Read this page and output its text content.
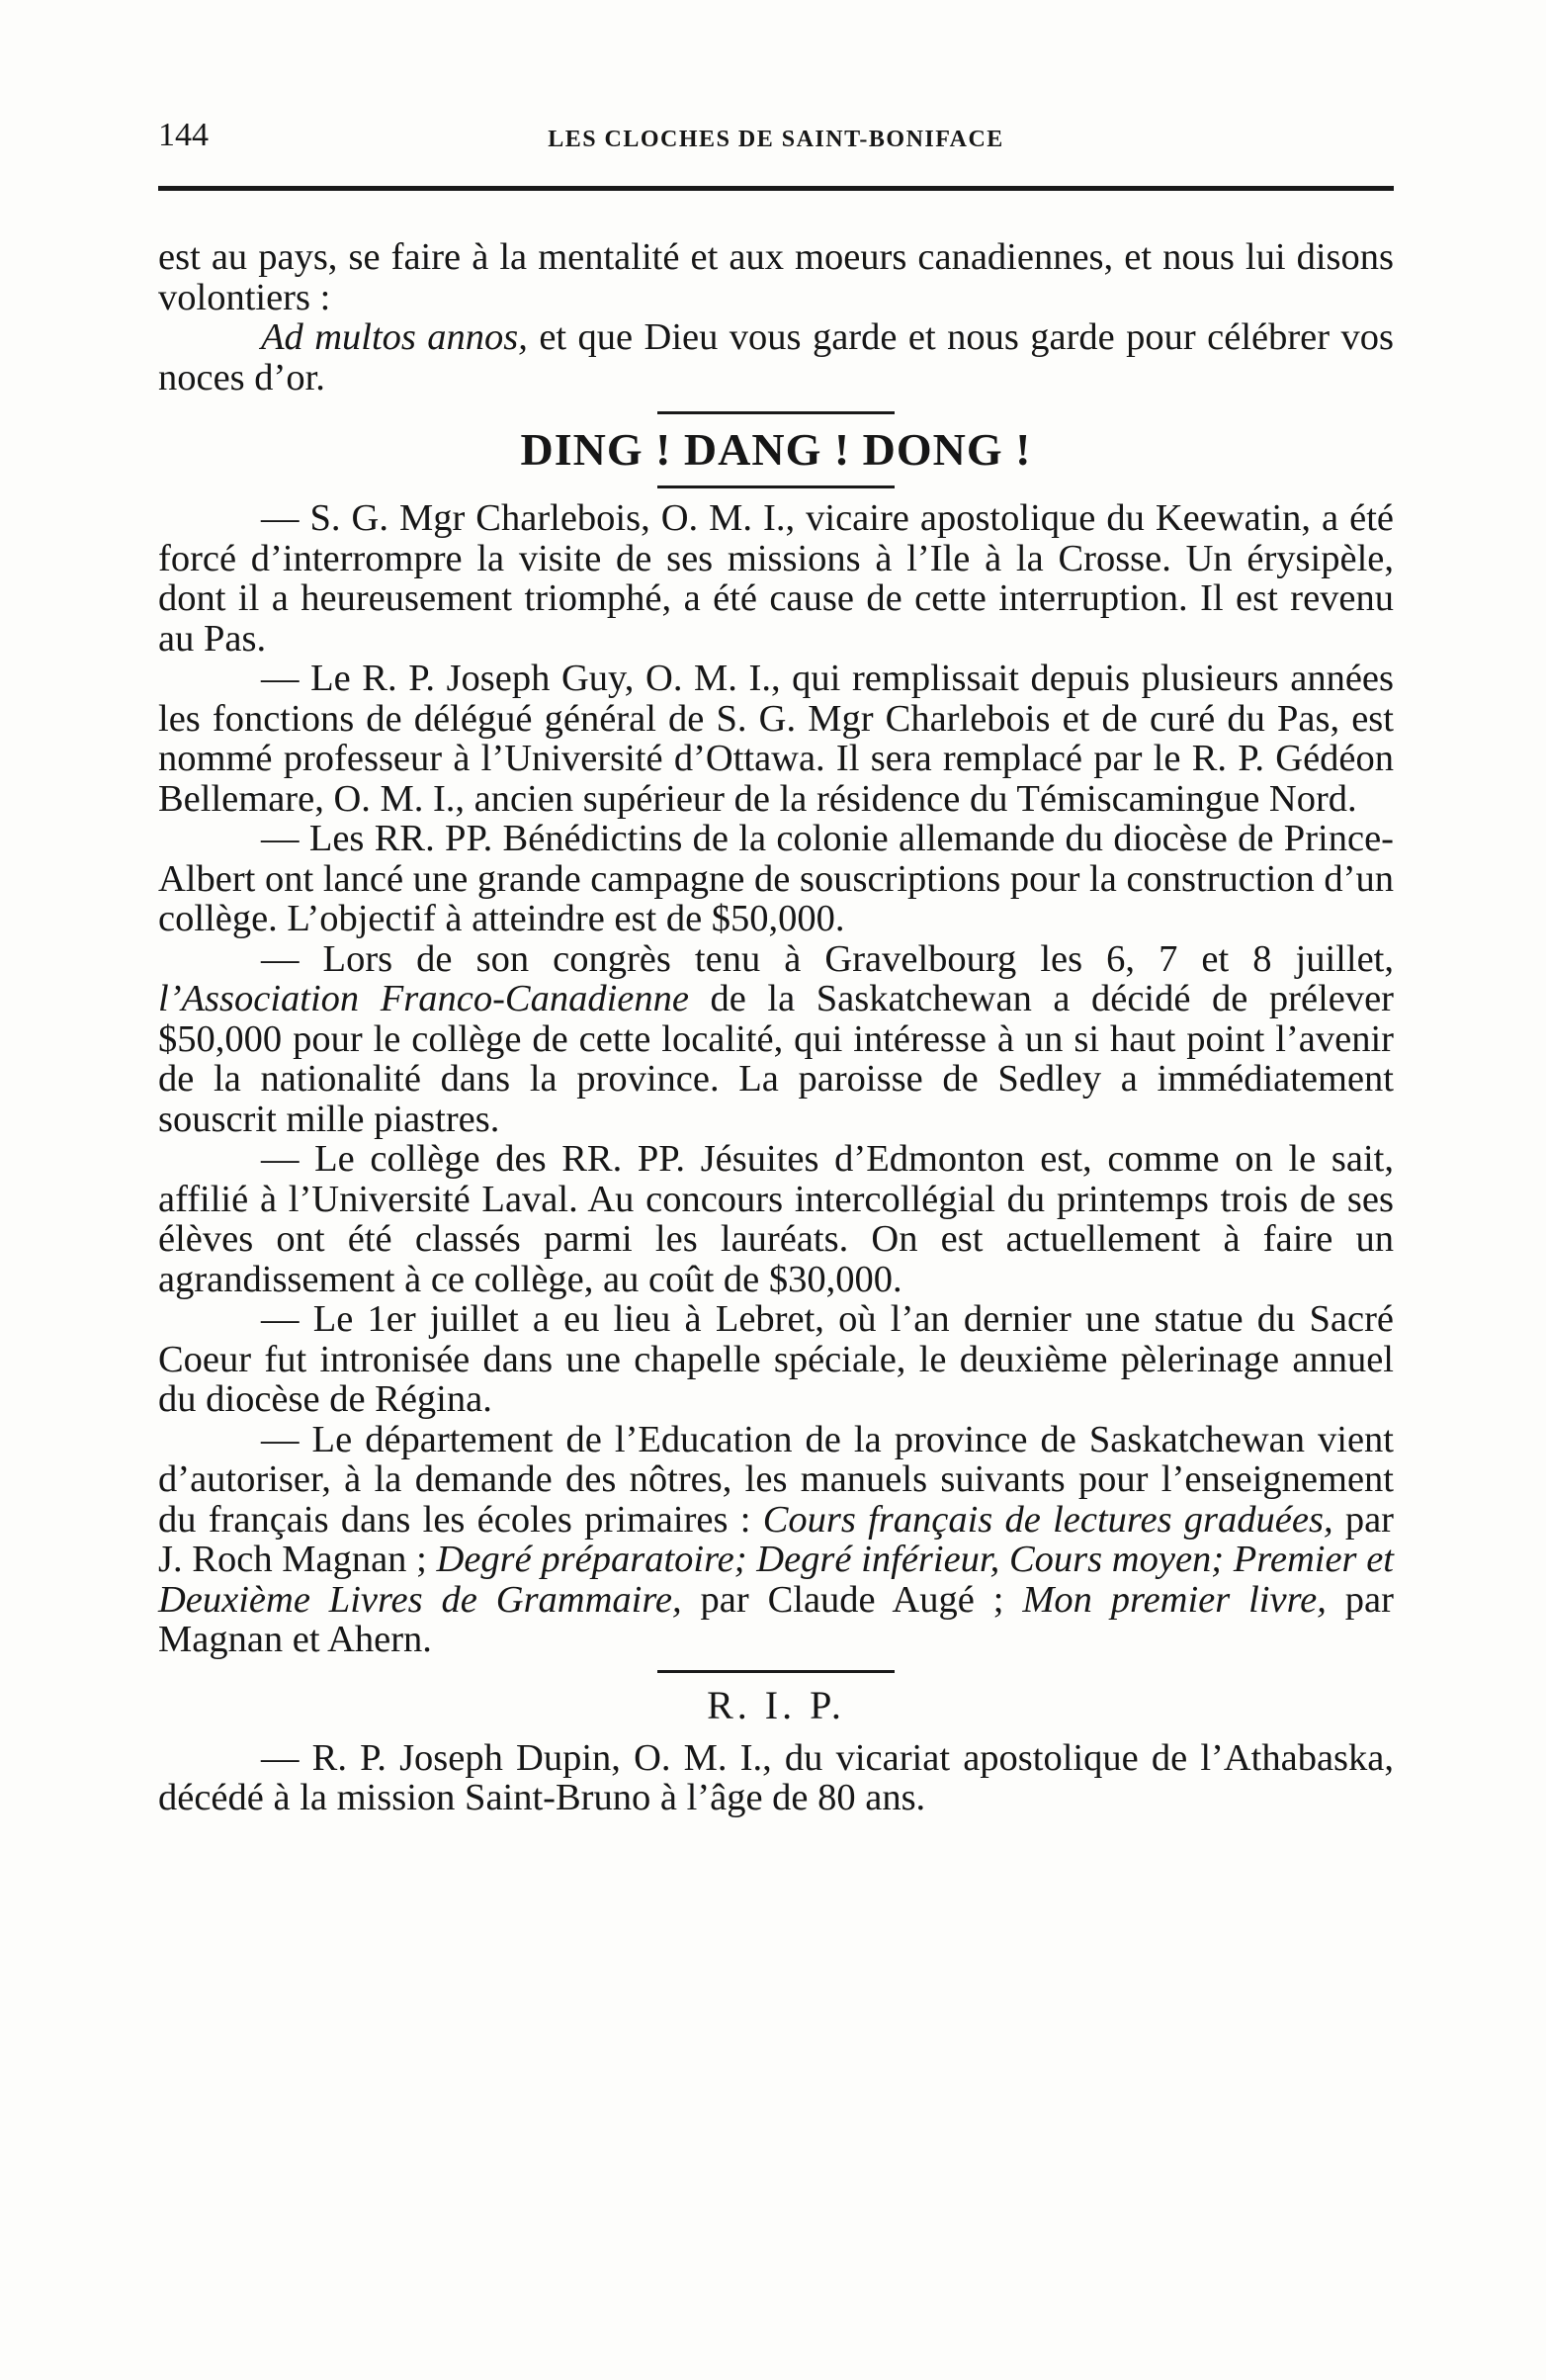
144	LES CLOCHES DE SAINT-BONIFACE

est au pays, se faire à la mentalité et aux moeurs canadiennes, et nous lui disons volontiers :

Ad multos annos, et que Dieu vous garde et nous garde pour célébrer vos noces d’or.

DING ! DANG ! DONG !

— S. G. Mgr Charlebois, O. M. I., vicaire apostolique du Keewatin, a été forcé d’interrompre la visite de ses missions à l’Ile à la Crosse. Un érysipèle, dont il a heureusement triomphé, a été cause de cette interruption. Il est revenu au Pas.

— Le R. P. Joseph Guy, O. M. I., qui remplissait depuis plusieurs années les fonctions de délégué général de S. G. Mgr Charlebois et de curé du Pas, est nommé professeur à l’Université d’Ottawa. Il sera remplacé par le R. P. Gédéon Bellemare, O. M. I., ancien supérieur de la résidence du Témiscamingue Nord.

— Les RR. PP. Bénédictins de la colonie allemande du diocèse de Prince-Albert ont lancé une grande campagne de souscriptions pour la construction d’un collège. L’objectif à atteindre est de $50,000.

— Lors de son congrès tenu à Gravelbourg les 6, 7 et 8 juillet, l’Association Franco-Canadienne de la Saskatchewan a décidé de prélever $50,000 pour le collège de cette localité, qui intéresse à un si haut point l’avenir de la nationalité dans la province. La paroisse de Sedley a immédiatement souscrit mille piastres.

— Le collège des RR. PP. Jésuites d’Edmonton est, comme on le sait, affilié à l’Université Laval. Au concours intercollégial du printemps trois de ses élèves ont été classés parmi les lauréats. On est actuellement à faire un agrandissement à ce collège, au coût de $30,000.

— Le 1er juillet a eu lieu à Lebret, où l’an dernier une statue du Sacré Coeur fut intronisée dans une chapelle spéciale, le deuxième pèlerinage annuel du diocèse de Régina.

— Le département de l’Education de la province de Saskatchewan vient d’autoriser, à la demande des nôtres, les manuels suivants pour l’enseignement du français dans les écoles primaires : Cours français de lectures graduées, par J. Roch Magnan ; Degré préparatoire; Degré inférieur, Cours moyen; Premier et Deuxième Livres de Grammaire, par Claude Augé ; Mon premier livre, par Magnan et Ahern.

R. I. P.

— R. P. Joseph Dupin, O. M. I., du vicariat apostolique de l’Athabaska, décédé à la mission Saint-Bruno à l’âge de 80 ans.
